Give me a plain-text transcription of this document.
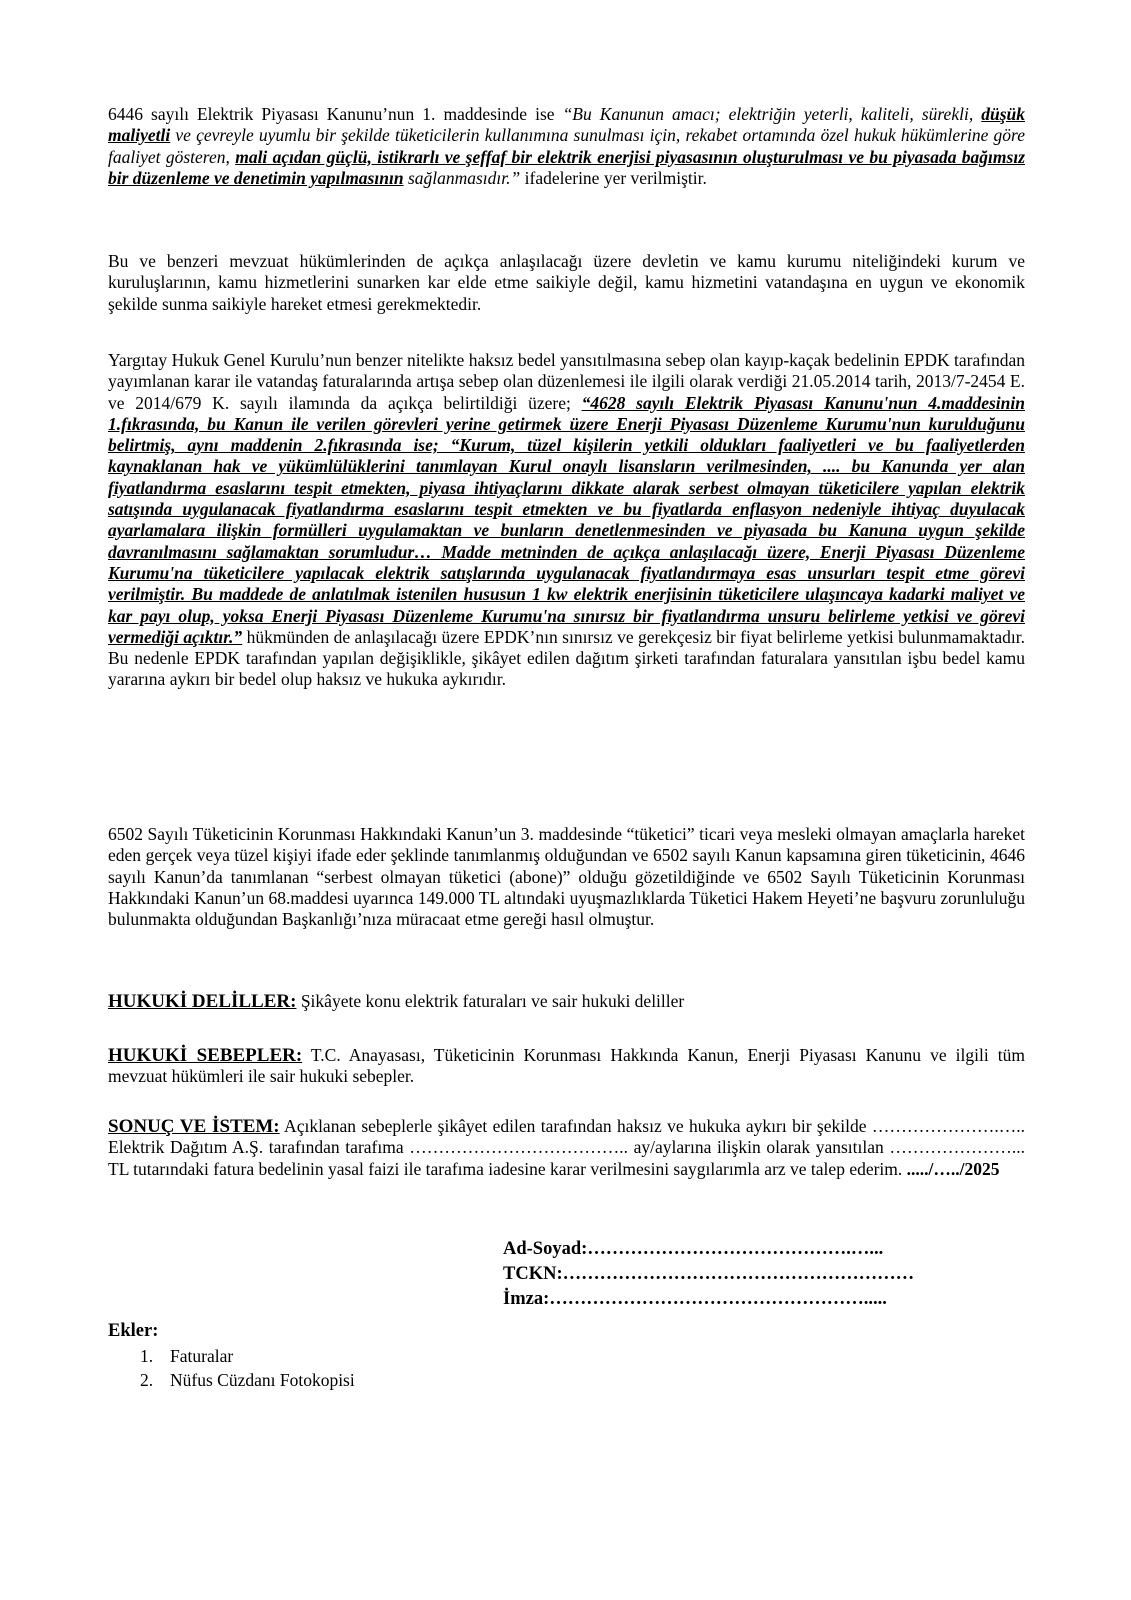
6446 sayılı Elektrik Piyasası Kanunu’nun 1. maddesinde ise “Bu Kanunun amacı; elektriğin yeterli, kaliteli, sürekli, düşük maliyetli ve çevreyle uyumlu bir şekilde tüketicilerin kullanımına sunulması için, rekabet ortamında özel hukuk hükümlerine göre faaliyet gösteren, mali açıdan güçlü, istikrarlı ve şeffaf bir elektrik enerjisi piyasasının oluşturulması ve bu piyasada bağımsız bir düzenleme ve denetimin yapılmasının sağlanmasıdır.” ifadelerine yer verilmiştir.

Bu ve benzeri mevzuat hükümlerinden de açıkça anlaşılacağı üzere devletin ve kamu kurumu niteliğindeki kurum ve kuruluşlarının, kamu hizmetlerini sunarken kar elde etme saikiyle değil, kamu hizmetini vatandaşına en uygun ve ekonomik şekilde sunma saikiyle hareket etmesi gerekmektedir.

Yargıtay Hukuk Genel Kurulu’nun benzer nitelikte haksız bedel yansıtılmasına sebep olan kayıp-kaçak bedelinin EPDK tarafından yayımlanan karar ile vatandaş faturalarında artışa sebep olan düzenlemesi ile ilgili olarak verdiği 21.05.2014 tarih, 2013/7-2454 E. ve 2014/679 K. sayılı ilamında da açıkça belirtildiği üzere; “4628 sayılı Elektrik Piyasası Kanunu'nun 4.maddesinin 1.fıkrasında, bu Kanun ile verilen görevleri yerine getirmek üzere Enerji Piyasası Düzenleme Kurumu'nun kurulduğunu belirtmiş, aynı maddenin 2.fıkrasında ise; “Kurum, tüzel kişilerin yetkili oldukları faaliyetleri ve bu faaliyetlerden kaynaklanan hak ve yükümlülüklerini tanımlayan Kurul onaylı lisansların verilmesinden, .... bu Kanunda yer alan fiyatlandırma esaslarını tespit etmekten, piyasa ihtiyaçlarını dikkate alarak serbest olmayan tüketicilere yapılan elektrik satışında uygulanacak fiyatlandırma esaslarını tespit etmekten ve bu fiyatlarda enflasyon nedeniyle ihtiyaç duyulacak ayarlamalara ilişkin formülleri uygulamaktan ve bunların denetlenmesinden ve piyasada bu Kanuna uygun şekilde davranılmasını sağlamaktan sorumludur… Madde metninden de açıkça anlaşılacağı üzere, Enerji Piyasası Düzenleme Kurumu'na tüketicilere yapılacak elektrik satışlarında uygulanacak fiyatlandırmaya esas unsurları tespit etme görevi verilmiştir. Bu maddede de anlatılmak istenilen hususun 1 kw elektrik enerjisinin tüketicilere ulaşıncaya kadarki maliyet ve kar payı olup, yoksa Enerji Piyasası Düzenleme Kurumu'na sınırsız bir fiyatlandırma unsuru belirleme yetkisi ve görevi vermediği açıktır.” hükmünden de anlaşılacağı üzere EPDK’nın sınırsız ve gerekçesiz bir fiyat belirleme yetkisi bulunmamaktadır. Bu nedenle EPDK tarafından yapılan değişiklikle, şikâyet edilen dağıtım şirketi tarafından faturalara yansıtılan işbu bedel kamu yararına aykırı bir bedel olup haksız ve hukuka aykırıdır.

6502 Sayılı Tüketicinin Korunması Hakkındaki Kanun’un 3. maddesinde “tüketici” ticari veya mesleki olmayan amaçlarla hareket eden gerçek veya tüzel kişiyi ifade eder şeklinde tanımlanmış olduğundan ve 6502 sayılı Kanun kapsamına giren tüketicinin, 4646 sayılı Kanun’da tanımlanan “serbest olmayan tüketici (abone)” olduğu gözetildiğinde ve 6502 Sayılı Tüketicinin Korunması Hakkındaki Kanun’un 68.maddesi uyarınca 149.000 TL altındaki uyuşmazlıklarda Tüketici Hakem Heyeti’ne başvuru zorunluluğu bulunmakta olduğundan Başkanlığı’nıza müracaat etme gereği hasıl olmuştur.

HUKUKİ DELİLLER: Şikâyete konu elektrik faturaları ve sair hukuki deliller

HUKUKİ SEBEPLER: T.C. Anayasası, Tüketicinin Korunması Hakkında Kanun, Enerji Piyasası Kanunu ve ilgili tüm mevzuat hükümleri ile sair hukuki sebepler.

SONUÇ VE İSTEM: Açıklanan sebeplerle şikâyet edilen tarafından haksız ve hukuka aykırı bir şekilde ………………….….. Elektrik Dağıtım A.Ş. tarafından tarafıma ……………………………….. ay/aylarına ilişkin olarak yansıtılan …………………... TL tutarındaki fatura bedelinin yasal faizi ile tarafıma iadesine karar verilmesini saygılarımla arz ve talep ederim. ...../…../2025

Ad-Soyad:…………………………………….…...
TCKN:…………………………………………………
İmza:…………………………………………….....
Ekler:
1. Faturalar
2. Nüfus Cüzdanı Fotokopisi
